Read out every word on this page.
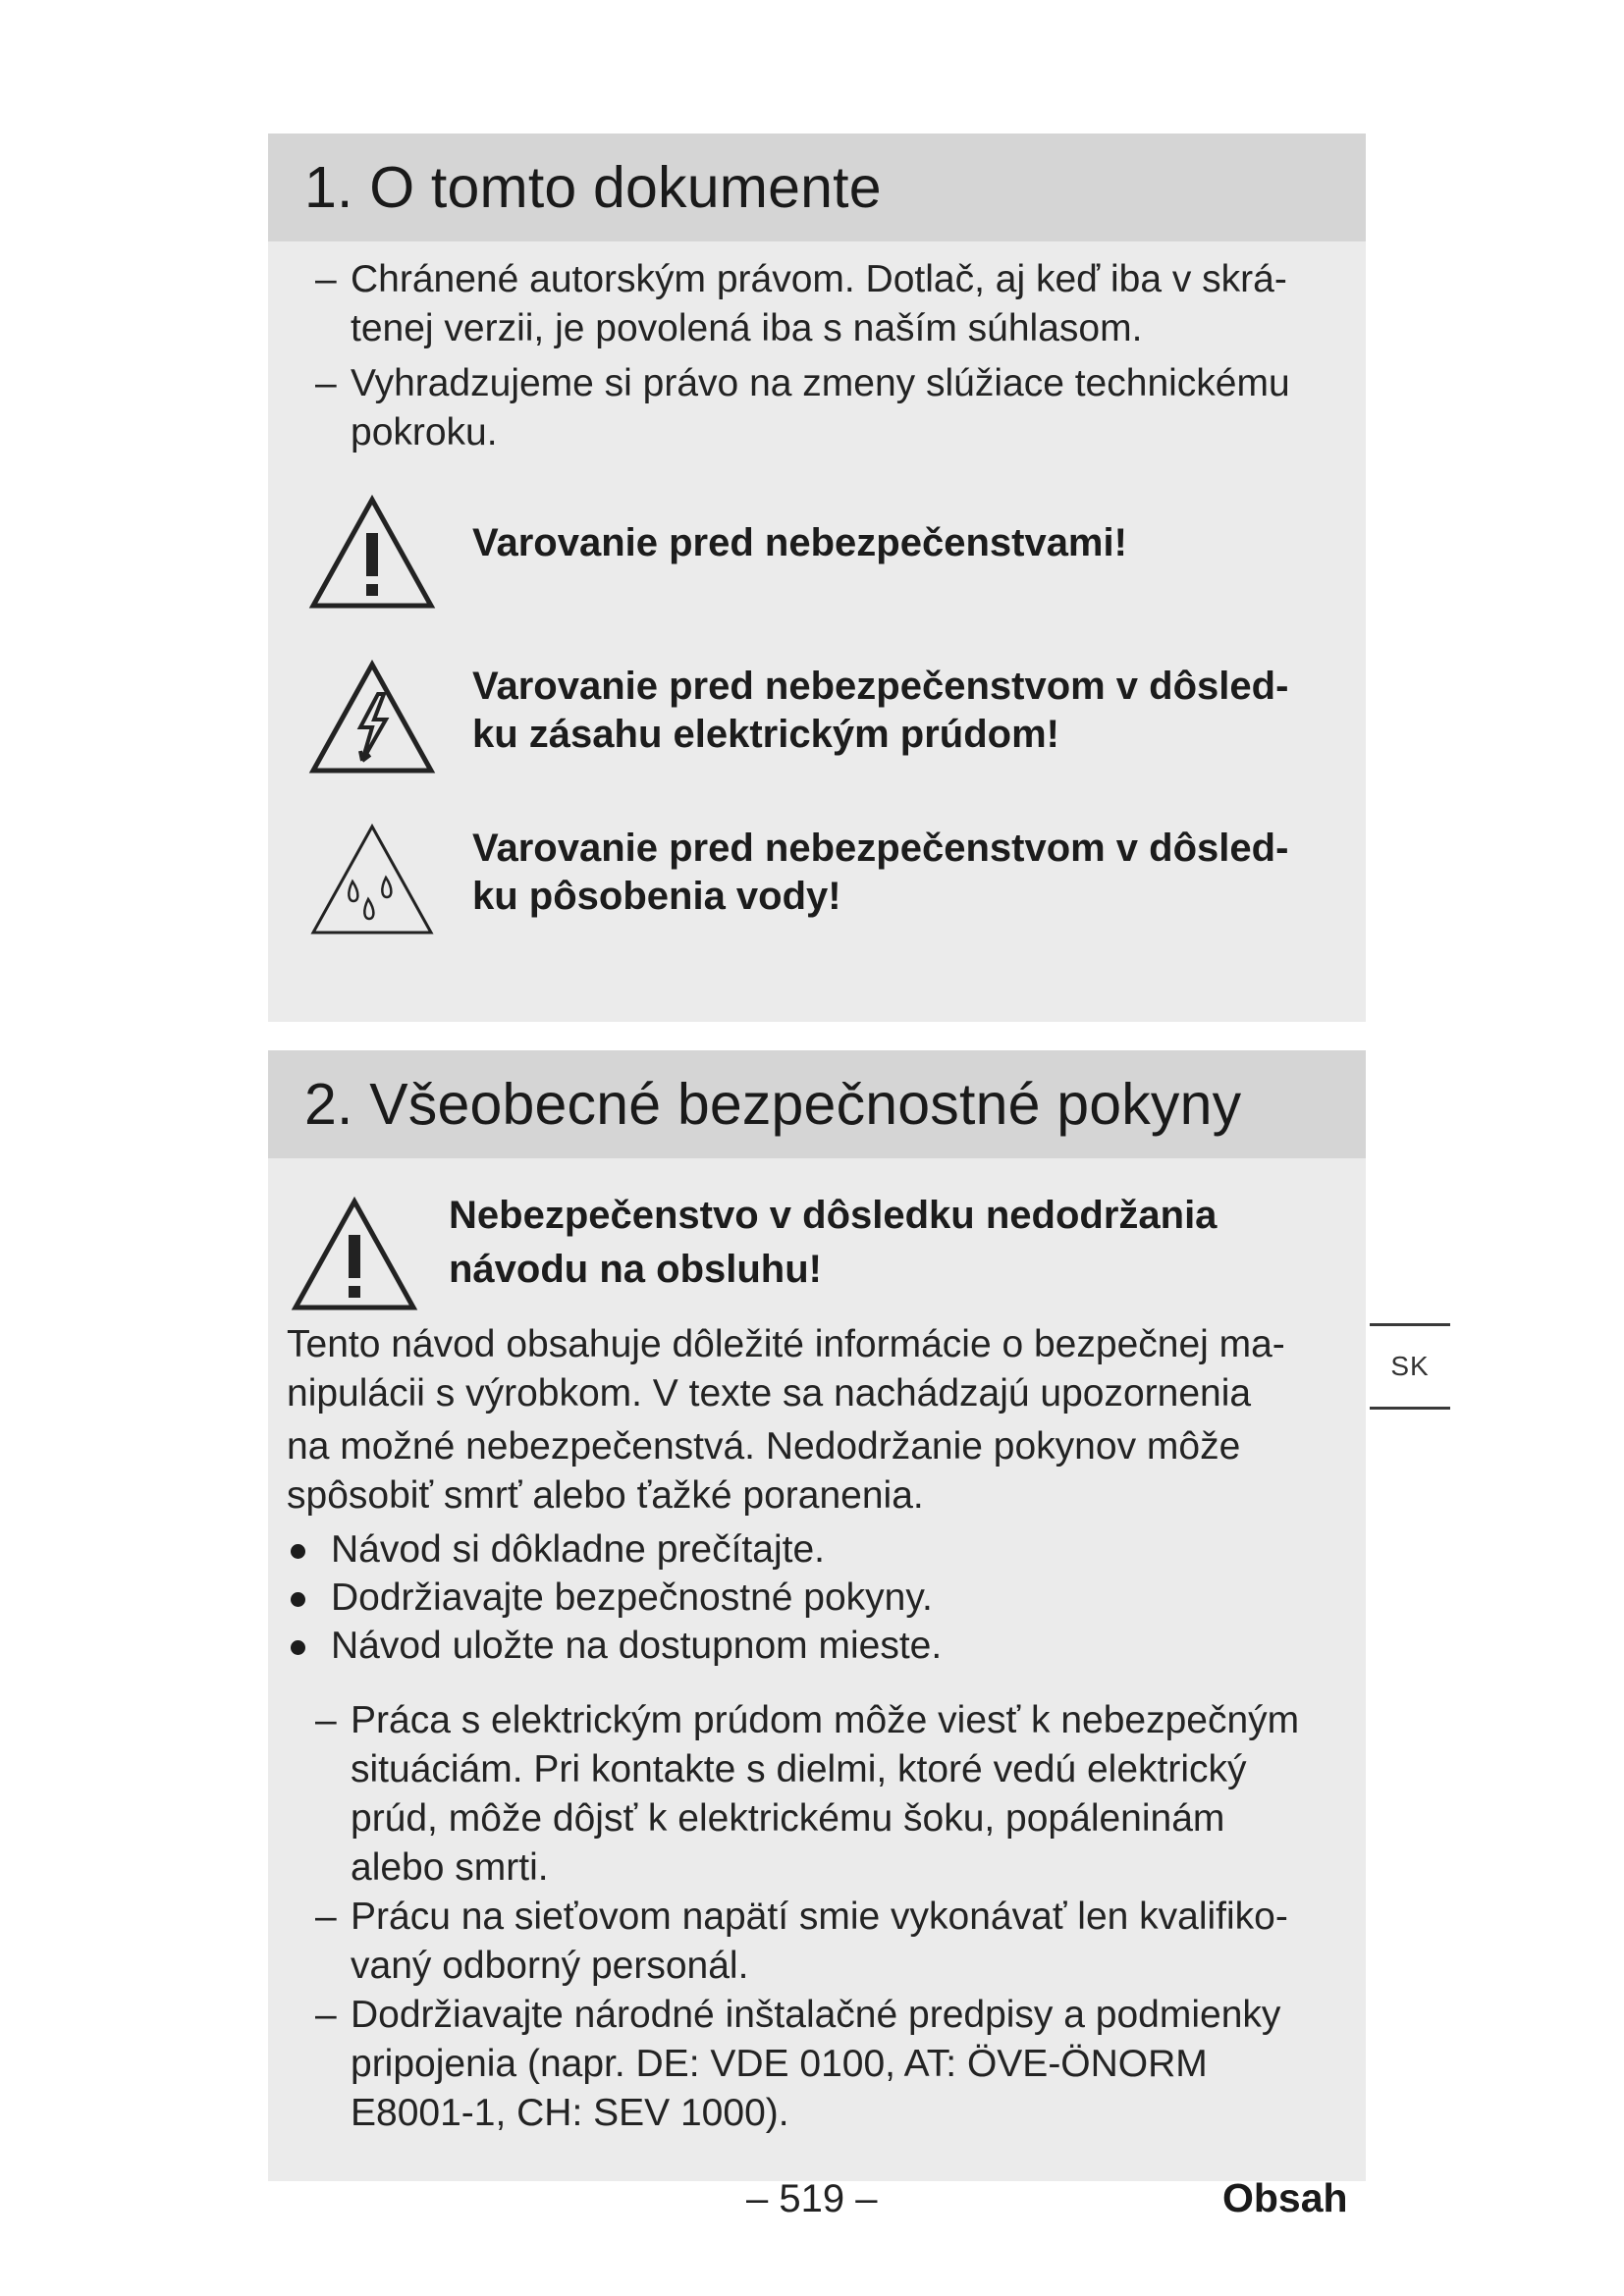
1. O tomto dokumente
– Chránené autorským právom. Dotlač, aj keď iba v skrá-
tenej verzii, je povolená iba s naším súhlasom.
– Vyhradzujeme si právo na zmeny slúžiace technickému
pokroku.
Varovanie pred nebezpečenstvami!
Varovanie pred nebezpečenstvom v dôsled-
ku zásahu elektrickým prúdom!
Varovanie pred nebezpečenstvom v dôsled-
ku pôsobenia vody!
2. Všeobecné bezpečnostné pokyny
Nebezpečenstvo v dôsledku nedodržania
návodu na obsluhu!
Tento návod obsahuje dôležité informácie o bezpečnej ma-
nipulácii s výrobkom. V texte sa nachádzajú upozornenia
na možné nebezpečenstvá. Nedodržanie pokynov môže
spôsobiť smrť alebo ťažké poranenia.
Návod si dôkladne prečítajte.
Dodržiavajte bezpečnostné pokyny.
Návod uložte na dostupnom mieste.
– Práca s elektrickým prúdom môže viesť k nebezpečným
situáciám. Pri kontakte s dielmi, ktoré vedú elektrický
prúd, môže dôjsť k elektrickému šoku, popáleninám
alebo smrti.
– Prácu na sieťovom napätí smie vykonávať len kvalifiko-
vaný odborný personál.
– Dodržiavajte národné inštalačné predpisy a podmienky
pripojenia (napr. DE: VDE 0100, AT: ÖVE-ÖNORM
E8001-1, CH: SEV 1000).
SK
– 519 –	Obsah
